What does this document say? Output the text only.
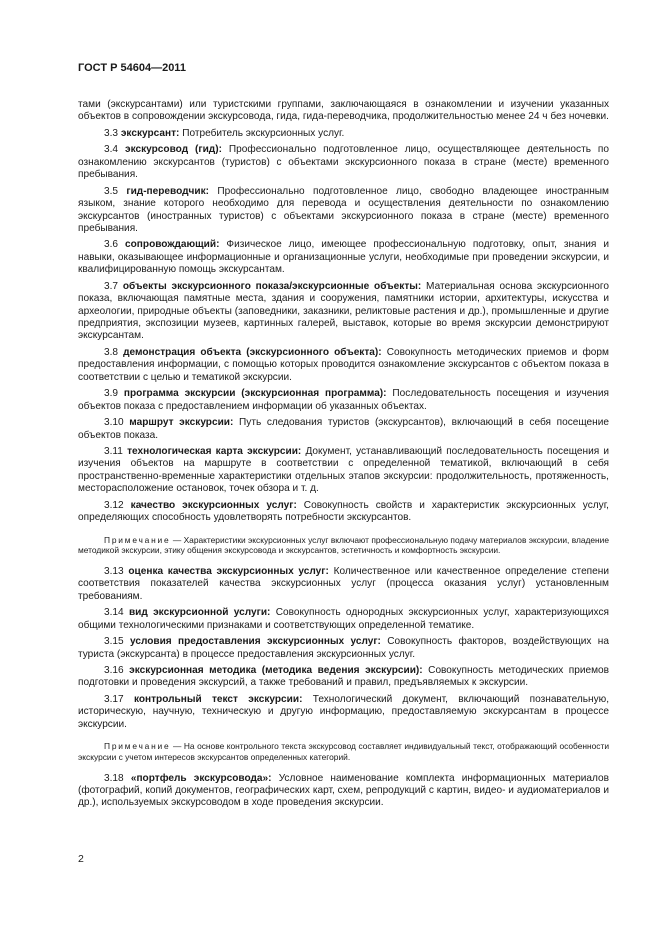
ГОСТ Р 54604—2011

тами (экскурсантами) или туристскими группами, заключающаяся в ознакомлении и изучении указанных объектов в сопровождении экскурсовода, гида, гида-переводчика, продолжительностью менее 24 ч без ночевки.

3.3 экскурсант: Потребитель экскурсионных услуг.

3.4 экскурсовод (гид): Профессионально подготовленное лицо, осуществляющее деятельность по ознакомлению экскурсантов (туристов) с объектами экскурсионного показа в стране (месте) временного пребывания.

3.5 гид-переводчик: Профессионально подготовленное лицо, свободно владеющее иностранным языком, знание которого необходимо для перевода и осуществления деятельности по ознакомлению экскурсантов (иностранных туристов) с объектами экскурсионного показа в стране (месте) временного пребывания.

3.6 сопровождающий: Физическое лицо, имеющее профессиональную подготовку, опыт, знания и навыки, оказывающее информационные и организационные услуги, необходимые при проведении экскурсии, и квалифицированную помощь экскурсантам.

3.7 объекты экскурсионного показа/экскурсионные объекты: Материальная основа экскурсионного показа, включающая памятные места, здания и сооружения, памятники истории, архитектуры, искусства и археологии, природные объекты (заповедники, заказники, реликтовые растения и др.), промышленные и другие предприятия, экспозиции музеев, картинных галерей, выставок, которые во время экскурсии демонстрируют экскурсантам.

3.8 демонстрация объекта (экскурсионного объекта): Совокупность методических приемов и форм предоставления информации, с помощью которых проводится ознакомление экскурсантов с объектом показа в соответствии с целью и тематикой экскурсии.

3.9 программа экскурсии (экскурсионная программа): Последовательность посещения и изучения объектов показа с предоставлением информации об указанных объектах.

3.10 маршрут экскурсии: Путь следования туристов (экскурсантов), включающий в себя посещение объектов показа.

3.11 технологическая карта экскурсии: Документ, устанавливающий последовательность посещения и изучения объектов на маршруте в соответствии с определенной тематикой, включающий в себя пространственно-временные характеристики отдельных этапов экскурсии: продолжительность, протяженность, месторасположение остановок, точек обзора и т. д.

3.12 качество экскурсионных услуг: Совокупность свойств и характеристик экскурсионных услуг, определяющих способность удовлетворять потребности экскурсантов.

Примечание — Характеристики экскурсионных услуг включают профессиональную подачу материалов экскурсии, владение методикой экскурсии, этику общения экскурсовода и экскурсантов, эстетичность и комфортность экскурсии.

3.13 оценка качества экскурсионных услуг: Количественное или качественное определение степени соответствия показателей качества экскурсионных услуг (процесса оказания услуг) установленным требованиям.

3.14 вид экскурсионной услуги: Совокупность однородных экскурсионных услуг, характеризующихся общими технологическими признаками и соответствующих определенной тематике.

3.15 условия предоставления экскурсионных услуг: Совокупность факторов, воздействующих на туриста (экскурсанта) в процессе предоставления экскурсионных услуг.

3.16 экскурсионная методика (методика ведения экскурсии): Совокупность методических приемов подготовки и проведения экскурсий, а также требований и правил, предъявляемых к экскурсии.

3.17 контрольный текст экскурсии: Технологический документ, включающий познавательную, историческую, научную, техническую и другую информацию, предоставляемую экскурсантам в процессе экскурсии.

Примечание — На основе контрольного текста экскурсовод составляет индивидуальный текст, отображающий особенности экскурсии с учетом интересов экскурсантов определенных категорий.

3.18 «портфель экскурсовода»: Условное наименование комплекта информационных материалов (фотографий, копий документов, географических карт, схем, репродукций с картин, видео- и аудиоматериалов и др.), используемых экскурсоводом в ходе проведения экскурсии.

2
